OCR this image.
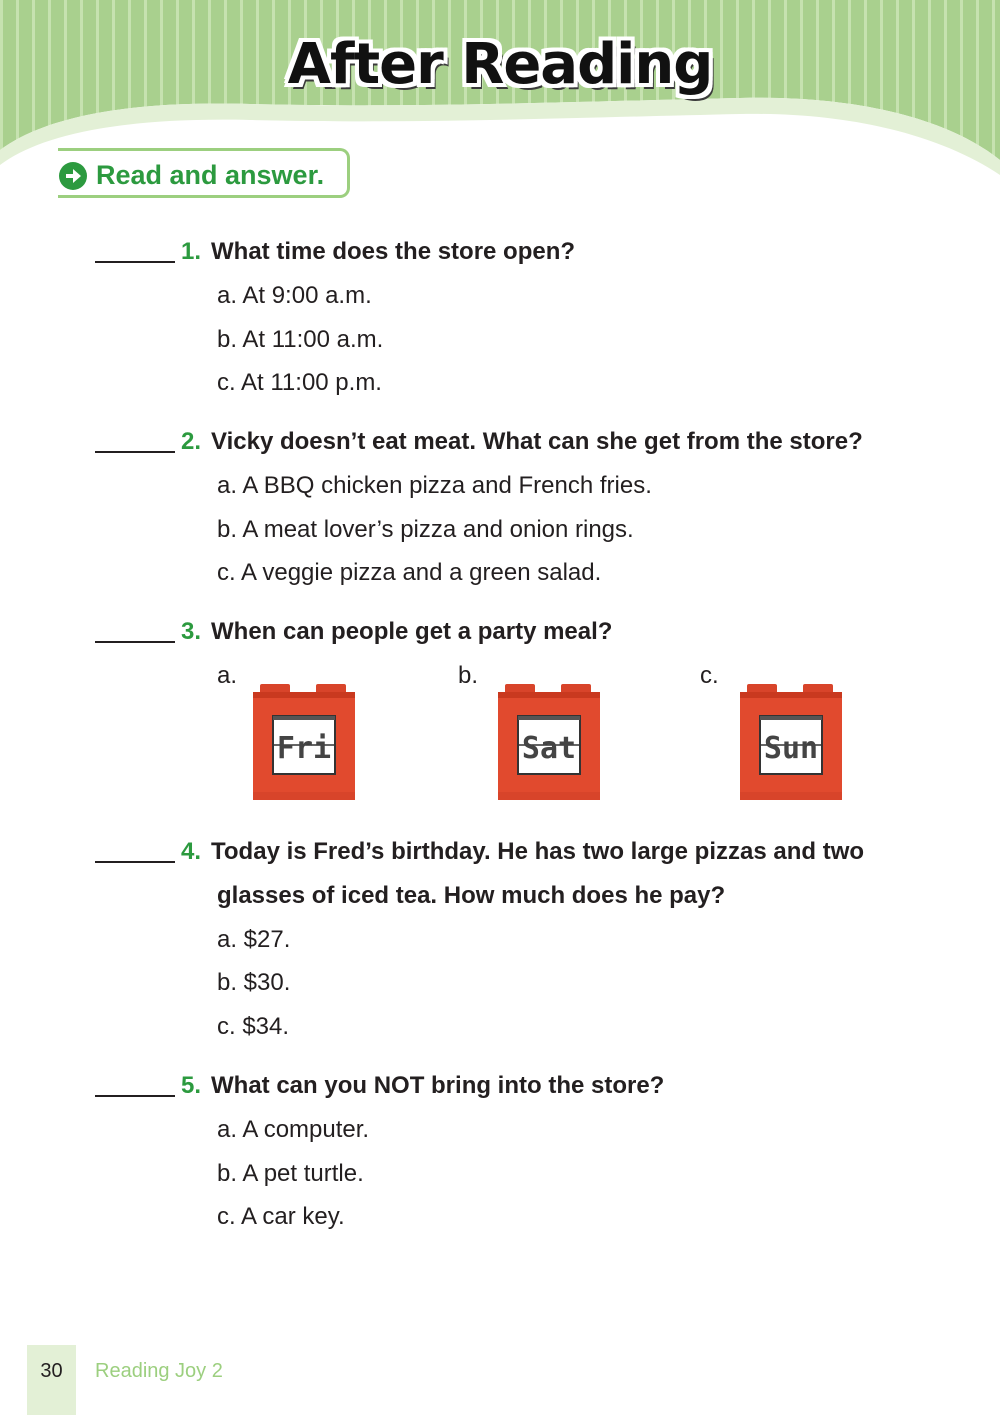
After Reading
Read and answer.
1. What time does the store open?
a. At 9:00 a.m.
b. At 11:00 a.m.
c. At 11:00 p.m.
2. Vicky doesn’t eat meat. What can she get from the store?
a. A BBQ chicken pizza and French fries.
b. A meat lover’s pizza and onion rings.
c. A veggie pizza and a green salad.
3. When can people get a party meal?
a.	b.	c.
Fri	Sat	Sun
4. Today is Fred’s birthday. He has two large pizzas and two
glasses of iced tea. How much does he pay?
a. $27.
b. $30.
c. $34.
5. What can you NOT bring into the store?
a. A computer.
b. A pet turtle.
c. A car key.
30	Reading Joy 2
